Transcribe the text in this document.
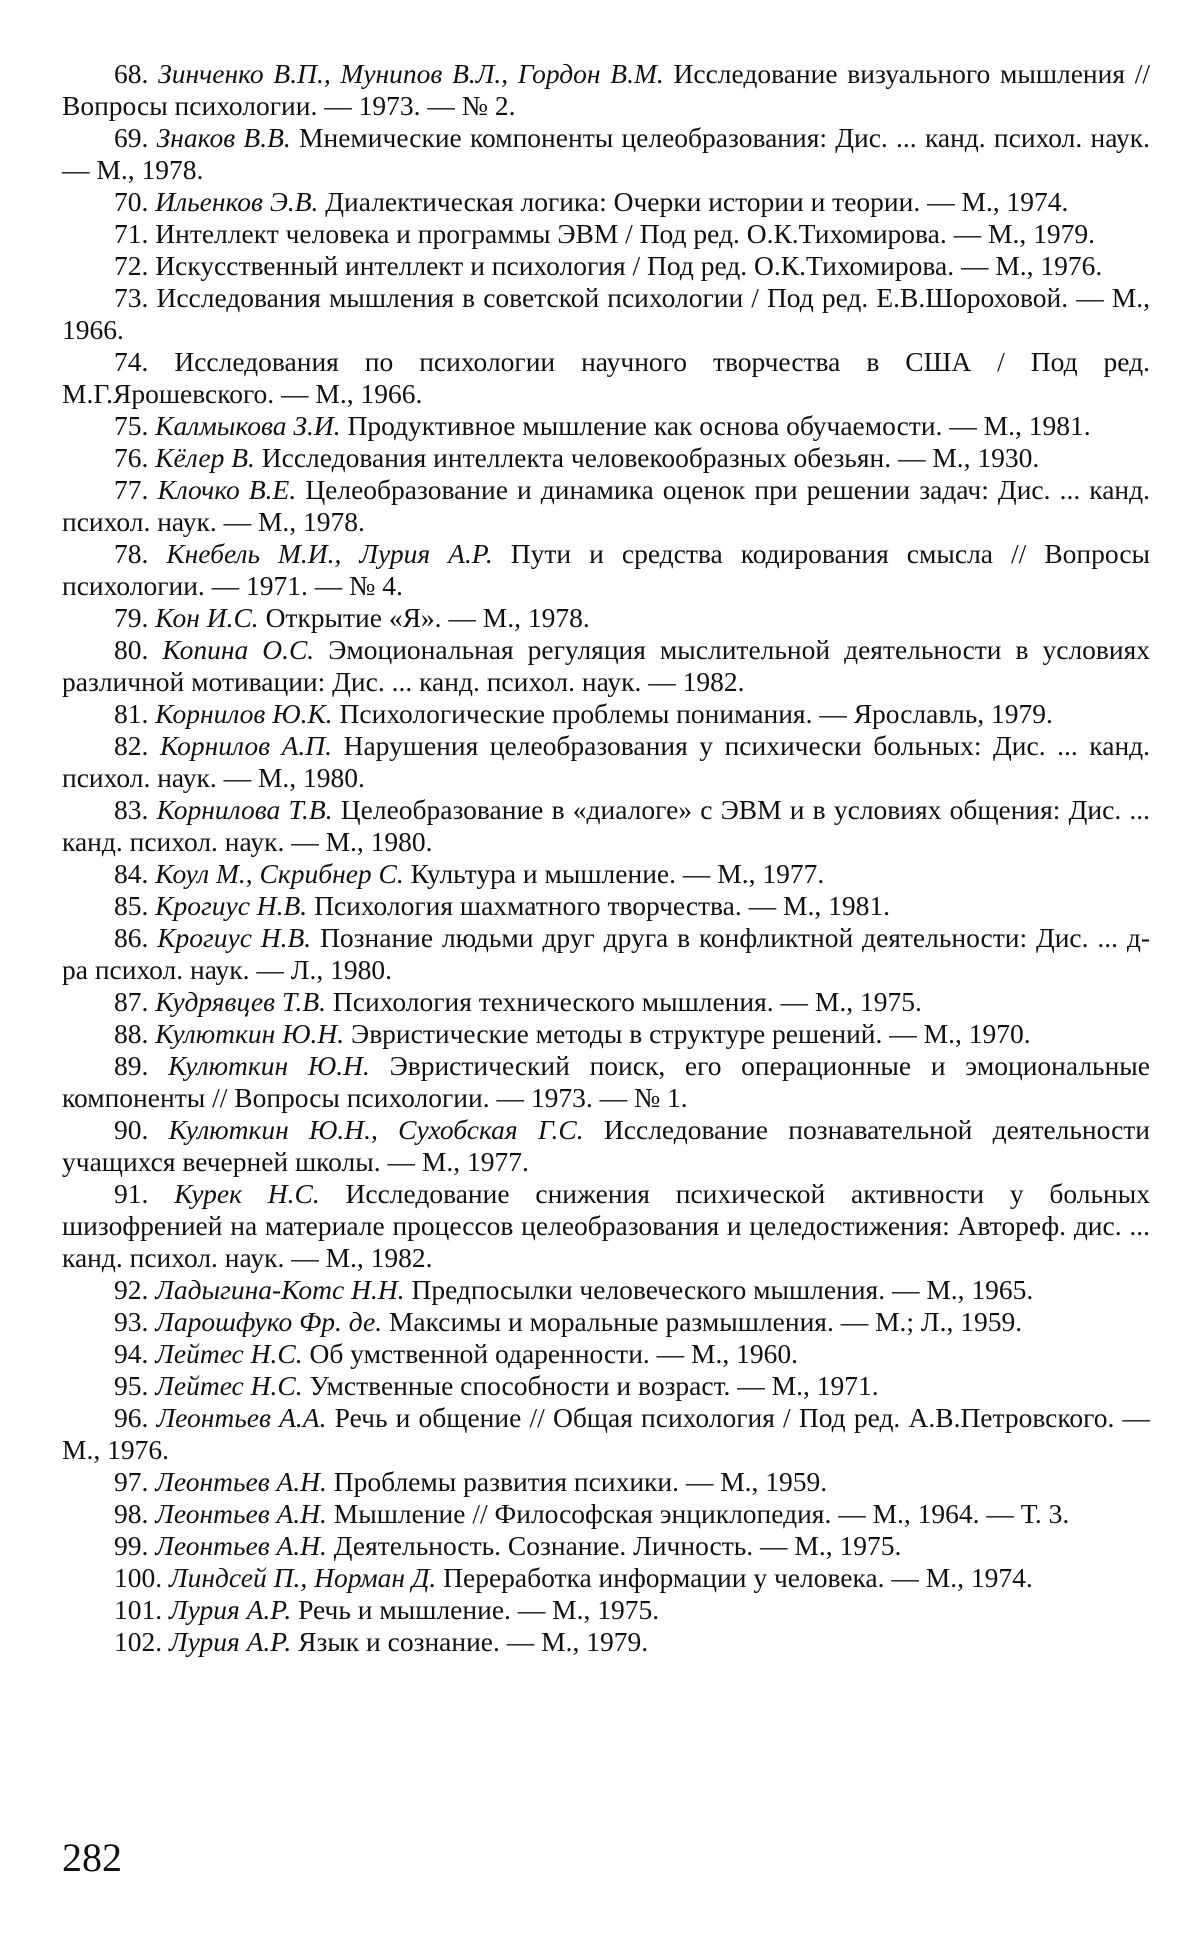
68. Зинченко В.П., Мунипов В.Л., Гордон В.М. Исследование визуального мышления // Вопросы психологии. — 1973. — № 2.
69. Знаков В.В. Мнемические компоненты целеобразования: Дис. ... канд. психол. наук. — М., 1978.
70. Ильенков Э.В. Диалектическая логика: Очерки истории и теории. — М., 1974.
71. Интеллект человека и программы ЭВМ / Под ред. О.К.Тихомирова. — М., 1979.
72. Искусственный интеллект и психология / Под ред. О.К.Тихомирова. — М., 1976.
73. Исследования мышления в советской психологии / Под ред. Е.В.Шороховой. — М., 1966.
74. Исследования по психологии научного творчества в США / Под ред. М.Г.Ярошевского. — М., 1966.
75. Калмыкова З.И. Продуктивное мышление как основа обучаемости. — М., 1981.
76. Кёлер В. Исследования интеллекта человекообразных обезьян. — М., 1930.
77. Клочко В.Е. Целеобразование и динамика оценок при решении задач: Дис. ... канд. психол. наук. — М., 1978.
78. Кнебель М.И., Лурия А.Р. Пути и средства кодирования смысла // Вопросы психологии. — 1971. — № 4.
79. Кон И.С. Открытие «Я». — М., 1978.
80. Копина О.С. Эмоциональная регуляция мыслительной деятельности в условиях различной мотивации: Дис. ... канд. психол. наук. — 1982.
81. Корнилов Ю.К. Психологические проблемы понимания. — Ярославль, 1979.
82. Корнилов А.П. Нарушения целеобразования у психически больных: Дис. ... канд. психол. наук. — М., 1980.
83. Корнилова Т.В. Целеобразование в «диалоге» с ЭВМ и в условиях общения: Дис. ... канд. психол. наук. — М., 1980.
84. Коул М., Скрибнер С. Культура и мышление. — М., 1977.
85. Крогиус Н.В. Психология шахматного творчества. — М., 1981.
86. Крогиус Н.В. Познание людьми друг друга в конфликтной деятельности: Дис. ... д-ра психол. наук. — Л., 1980.
87. Кудрявцев Т.В. Психология технического мышления. — М., 1975.
88. Кулюткин Ю.Н. Эвристические методы в структуре решений. — М., 1970.
89. Кулюткин Ю.Н. Эвристический поиск, его операционные и эмоциональные компоненты // Вопросы психологии. — 1973. — № 1.
90. Кулюткин Ю.Н., Сухобская Г.С. Исследование познавательной деятельности учащихся вечерней школы. — М., 1977.
91. Курек Н.С. Исследование снижения психической активности у больных шизофренией на материале процессов целеобразования и целедостижения: Автореф. дис. ... канд. психол. наук. — М., 1982.
92. Ладыгина-Котс Н.Н. Предпосылки человеческого мышления. — М., 1965.
93. Ларошфуко Фр. де. Максимы и моральные размышления. — М.; Л., 1959.
94. Лейтес Н.С. Об умственной одаренности. — М., 1960.
95. Лейтес Н.С. Умственные способности и возраст. — М., 1971.
96. Леонтьев А.А. Речь и общение // Общая психология / Под ред. А.В.Петровского. — М., 1976.
97. Леонтьев А.Н. Проблемы развития психики. — М., 1959.
98. Леонтьев А.Н. Мышление // Философская энциклопедия. — М., 1964. — Т. 3.
99. Леонтьев А.Н. Деятельность. Сознание. Личность. — М., 1975.
100. Линдсей П., Норман Д. Переработка информации у человека. — М., 1974.
101. Лурия А.Р. Речь и мышление. — М., 1975.
102. Лурия А.Р. Язык и сознание. — М., 1979.
282
